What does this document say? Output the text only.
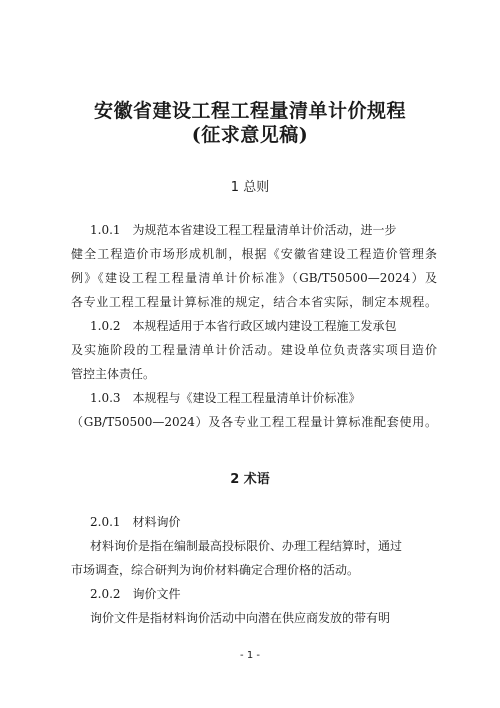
安徽省建设工程工程量清单计价规程
(征求意见稿)
1 总则
1.0.1　为规范本省建设工程工程量清单计价活动，进一步
健全工程造价市场形成机制，根据《安徽省建设工程造价管理条
例》《建设工程工程量清单计价标准》（GB/T50500—2024）及
各专业工程工程量计算标准的规定，结合本省实际，制定本规程。
1.0.2　本规程适用于本省行政区域内建设工程施工发承包
及实施阶段的工程量清单计价活动。建设单位负责落实项目造价
管控主体责任。
1.0.3　本规程与《建设工程工程量清单计价标准》
（GB/T50500—2024）及各专业工程工程量计算标准配套使用。
2 术语
2.0.1　材料询价
材料询价是指在编制最高投标限价、办理工程结算时，通过
市场调查，综合研判为询价材料确定合理价格的活动。
2.0.2　询价文件
询价文件是指材料询价活动中向潜在供应商发放的带有明
- 1 -
